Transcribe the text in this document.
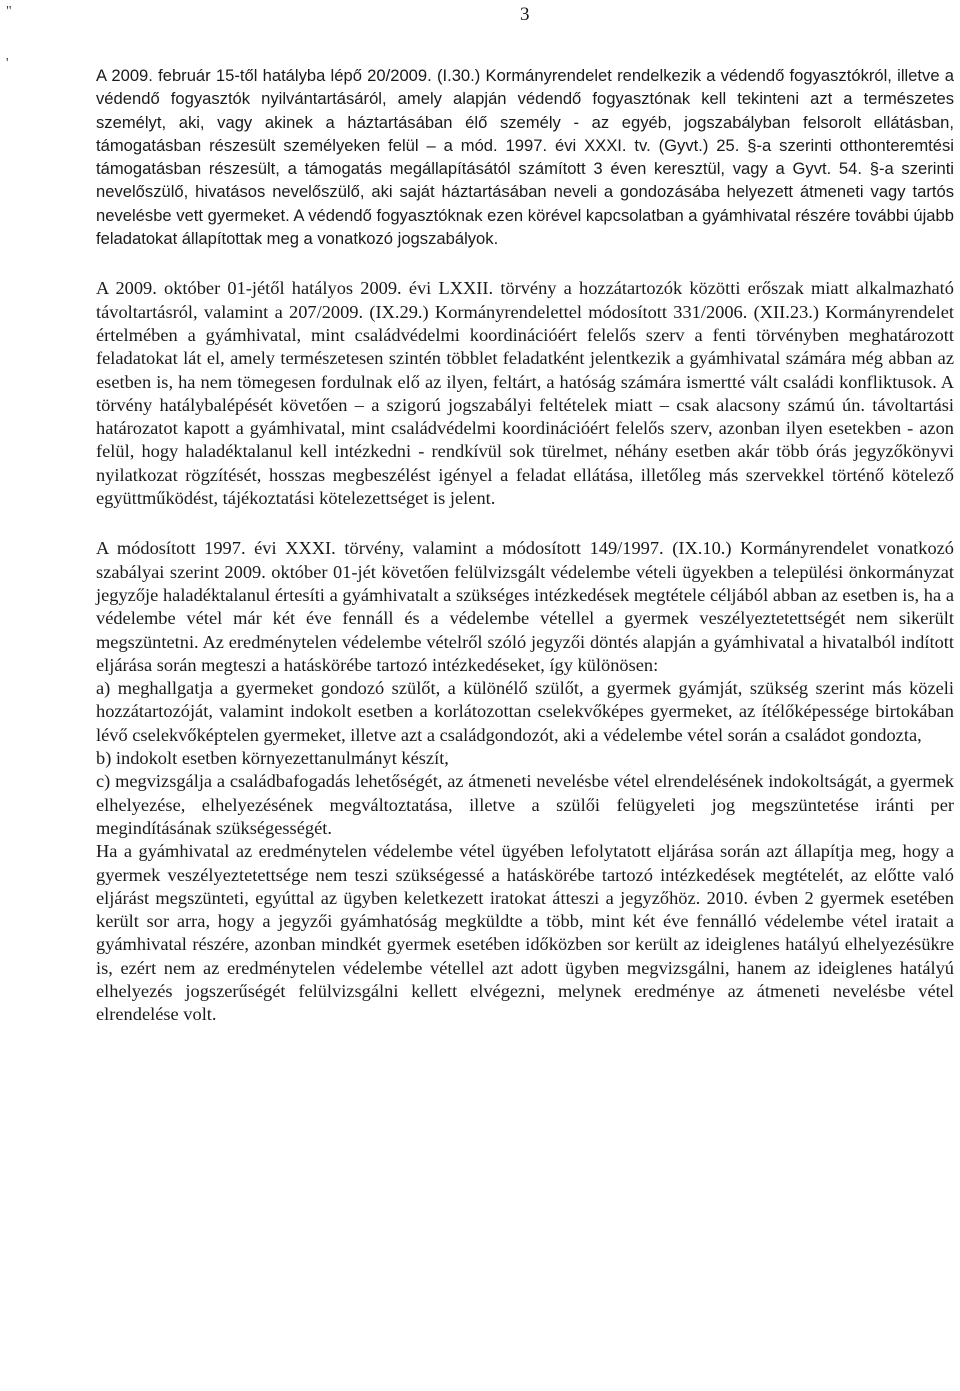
"
'
3

A 2009. február 15-től hatályba lépő 20/2009. (I.30.) Kormányrendelet rendelkezik a védendő fogyasztókról, illetve a védendő fogyasztók nyilvántartásáról, amely alapján védendő fogyasztónak kell tekinteni azt a természetes személyt, aki, vagy akinek a háztartásában élő személy - az egyéb, jogszabályban felsorolt ellátásban, támogatásban részesült személyeken felül – a mód. 1997. évi XXXI. tv. (Gyvt.) 25. §-a szerinti otthonteremtési támogatásban részesült, a támogatás megállapításától számított 3 éven keresztül, vagy a Gyvt. 54. §-a szerinti nevelőszülő, hivatásos nevelőszülő, aki saját háztartásában neveli a gondozásába helyezett átmeneti vagy tartós nevelésbe vett gyermeket. A védendő fogyasztóknak ezen körével kapcsolatban a gyámhivatal részére további újabb feladatokat állapítottak meg a vonatkozó jogszabályok.

A 2009. október 01-jétől hatályos 2009. évi LXXII. törvény a hozzátartozók közötti erőszak miatt alkalmazható távoltartásról, valamint a 207/2009. (IX.29.) Kormányrendelettel módosított 331/2006. (XII.23.) Kormányrendelet értelmében a gyámhivatal, mint családvédelmi koordinációért felelős szerv a fenti törvényben meghatározott feladatokat lát el, amely természetesen szintén többlet feladatként jelentkezik a gyámhivatal számára még abban az esetben is, ha nem tömegesen fordulnak elő az ilyen, feltárt, a hatóság számára ismertté vált családi konfliktusok. A törvény hatálybalépését követően – a szigorú jogszabályi feltételek miatt – csak alacsony számú ún. távoltartási határozatot kapott a gyámhivatal, mint családvédelmi koordinációért felelős szerv, azonban ilyen esetekben - azon felül, hogy haladéktalanul kell intézkedni - rendkívül sok türelmet, néhány esetben akár több órás jegyzőkönyvi nyilatkozat rögzítését, hosszas megbeszélést igényel a feladat ellátása, illetőleg más szervekkel történő kötelező együttműködést, tájékoztatási kötelezettséget is jelent.

A módosított 1997. évi XXXI. törvény, valamint a módosított 149/1997. (IX.10.) Kormányrendelet vonatkozó szabályai szerint 2009. október 01-jét követően felülvizsgált védelembe vételi ügyekben a települési önkormányzat jegyzője haladéktalanul értesíti a gyámhivatalt a szükséges intézkedések megtétele céljából abban az esetben is, ha a védelembe vétel már két éve fennáll és a védelembe vétellel a gyermek veszélyeztetettségét nem sikerült megszüntetni. Az eredménytelen védelembe vételről szóló jegyzői döntés alapján a gyámhivatal a hivatalból indított eljárása során megteszi a hatáskörébe tartozó intézkedéseket, így különösen:

a) meghallgatja a gyermeket gondozó szülőt, a különélő szülőt, a gyermek gyámját, szükség szerint más közeli hozzátartozóját, valamint indokolt esetben a korlátozottan cselekvőképes gyermeket, az ítélőképessége birtokában lévő cselekvőképtelen gyermeket, illetve azt a családgondozót, aki a védelembe vétel során a családot gondozta,

b) indokolt esetben környezettanulmányt készít,

c) megvizsgálja a családbafogadás lehetőségét, az átmeneti nevelésbe vétel elrendelésének indokoltságát, a gyermek elhelyezése, elhelyezésének megváltoztatása, illetve a szülői felügyeleti jog megszüntetése iránti per megindításának szükségességét.

Ha a gyámhivatal az eredménytelen védelembe vétel ügyében lefolytatott eljárása során azt állapítja meg, hogy a gyermek veszélyeztetettsége nem teszi szükségessé a hatáskörébe tartozó intézkedések megtételét, az előtte való eljárást megszünteti, egyúttal az ügyben keletkezett iratokat átteszi a jegyzőhöz. 2010. évben 2 gyermek esetében került sor arra, hogy a jegyzői gyámhatóság megküldte a több, mint két éve fennálló védelembe vétel iratait a gyámhivatal részére, azonban mindkét gyermek esetében időközben sor került az ideiglenes hatályú elhelyezésükre is, ezért nem az eredménytelen védelembe vétellel azt adott ügyben megvizsgálni, hanem az ideiglenes hatályú elhelyezés jogszerűségét felülvizsgálni kellett elvégezni, melynek eredménye az átmeneti nevelésbe vétel elrendelése volt.
